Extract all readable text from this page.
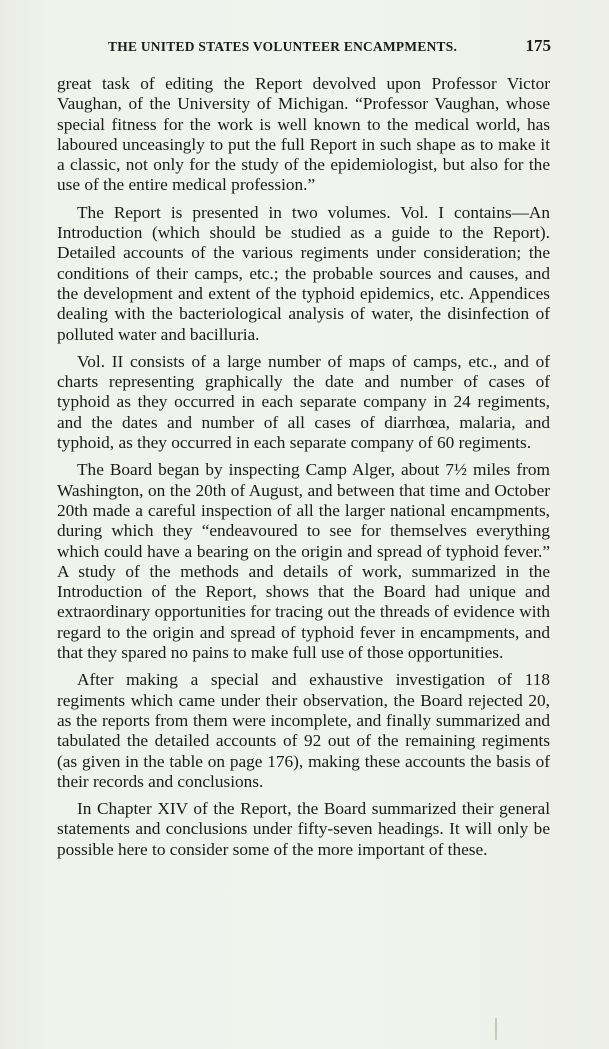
THE UNITED STATES VOLUNTEER ENCAMPMENTS.	175

great task of editing the Report devolved upon Professor Victor Vaughan, of the University of Michigan. “Professor Vaughan, whose special fitness for the work is well known to the medical world, has laboured unceasingly to put the full Report in such shape as to make it a classic, not only for the study of the epidemiologist, but also for the use of the entire medical profession.”

The Report is presented in two volumes. Vol. I contains—An Introduction (which should be studied as a guide to the Report). Detailed accounts of the various regiments under consideration; the conditions of their camps, etc.; the probable sources and causes, and the development and extent of the typhoid epidemics, etc. Appendices dealing with the bacteriological analysis of water, the disinfection of polluted water and bacilluria.

Vol. II consists of a large number of maps of camps, etc., and of charts representing graphically the date and number of cases of typhoid as they occurred in each separate company in 24 regiments, and the dates and number of all cases of diarrhœa, malaria, and typhoid, as they occurred in each separate company of 60 regiments.

The Board began by inspecting Camp Alger, about 7½ miles from Washington, on the 20th of August, and between that time and October 20th made a careful inspection of all the larger national encampments, during which they “endeavoured to see for themselves everything which could have a bearing on the origin and spread of typhoid fever.” A study of the methods and details of work, summarized in the Introduction of the Report, shows that the Board had unique and extraordinary opportunities for tracing out the threads of evidence with regard to the origin and spread of typhoid fever in encampments, and that they spared no pains to make full use of those opportunities.

After making a special and exhaustive investigation of 118 regiments which came under their observation, the Board rejected 20, as the reports from them were incomplete, and finally summarized and tabulated the detailed accounts of 92 out of the remaining regiments (as given in the table on page 176), making these accounts the basis of their records and conclusions.

In Chapter XIV of the Report, the Board summarized their general statements and conclusions under fifty-seven headings. It will only be possible here to consider some of the more important of these.
